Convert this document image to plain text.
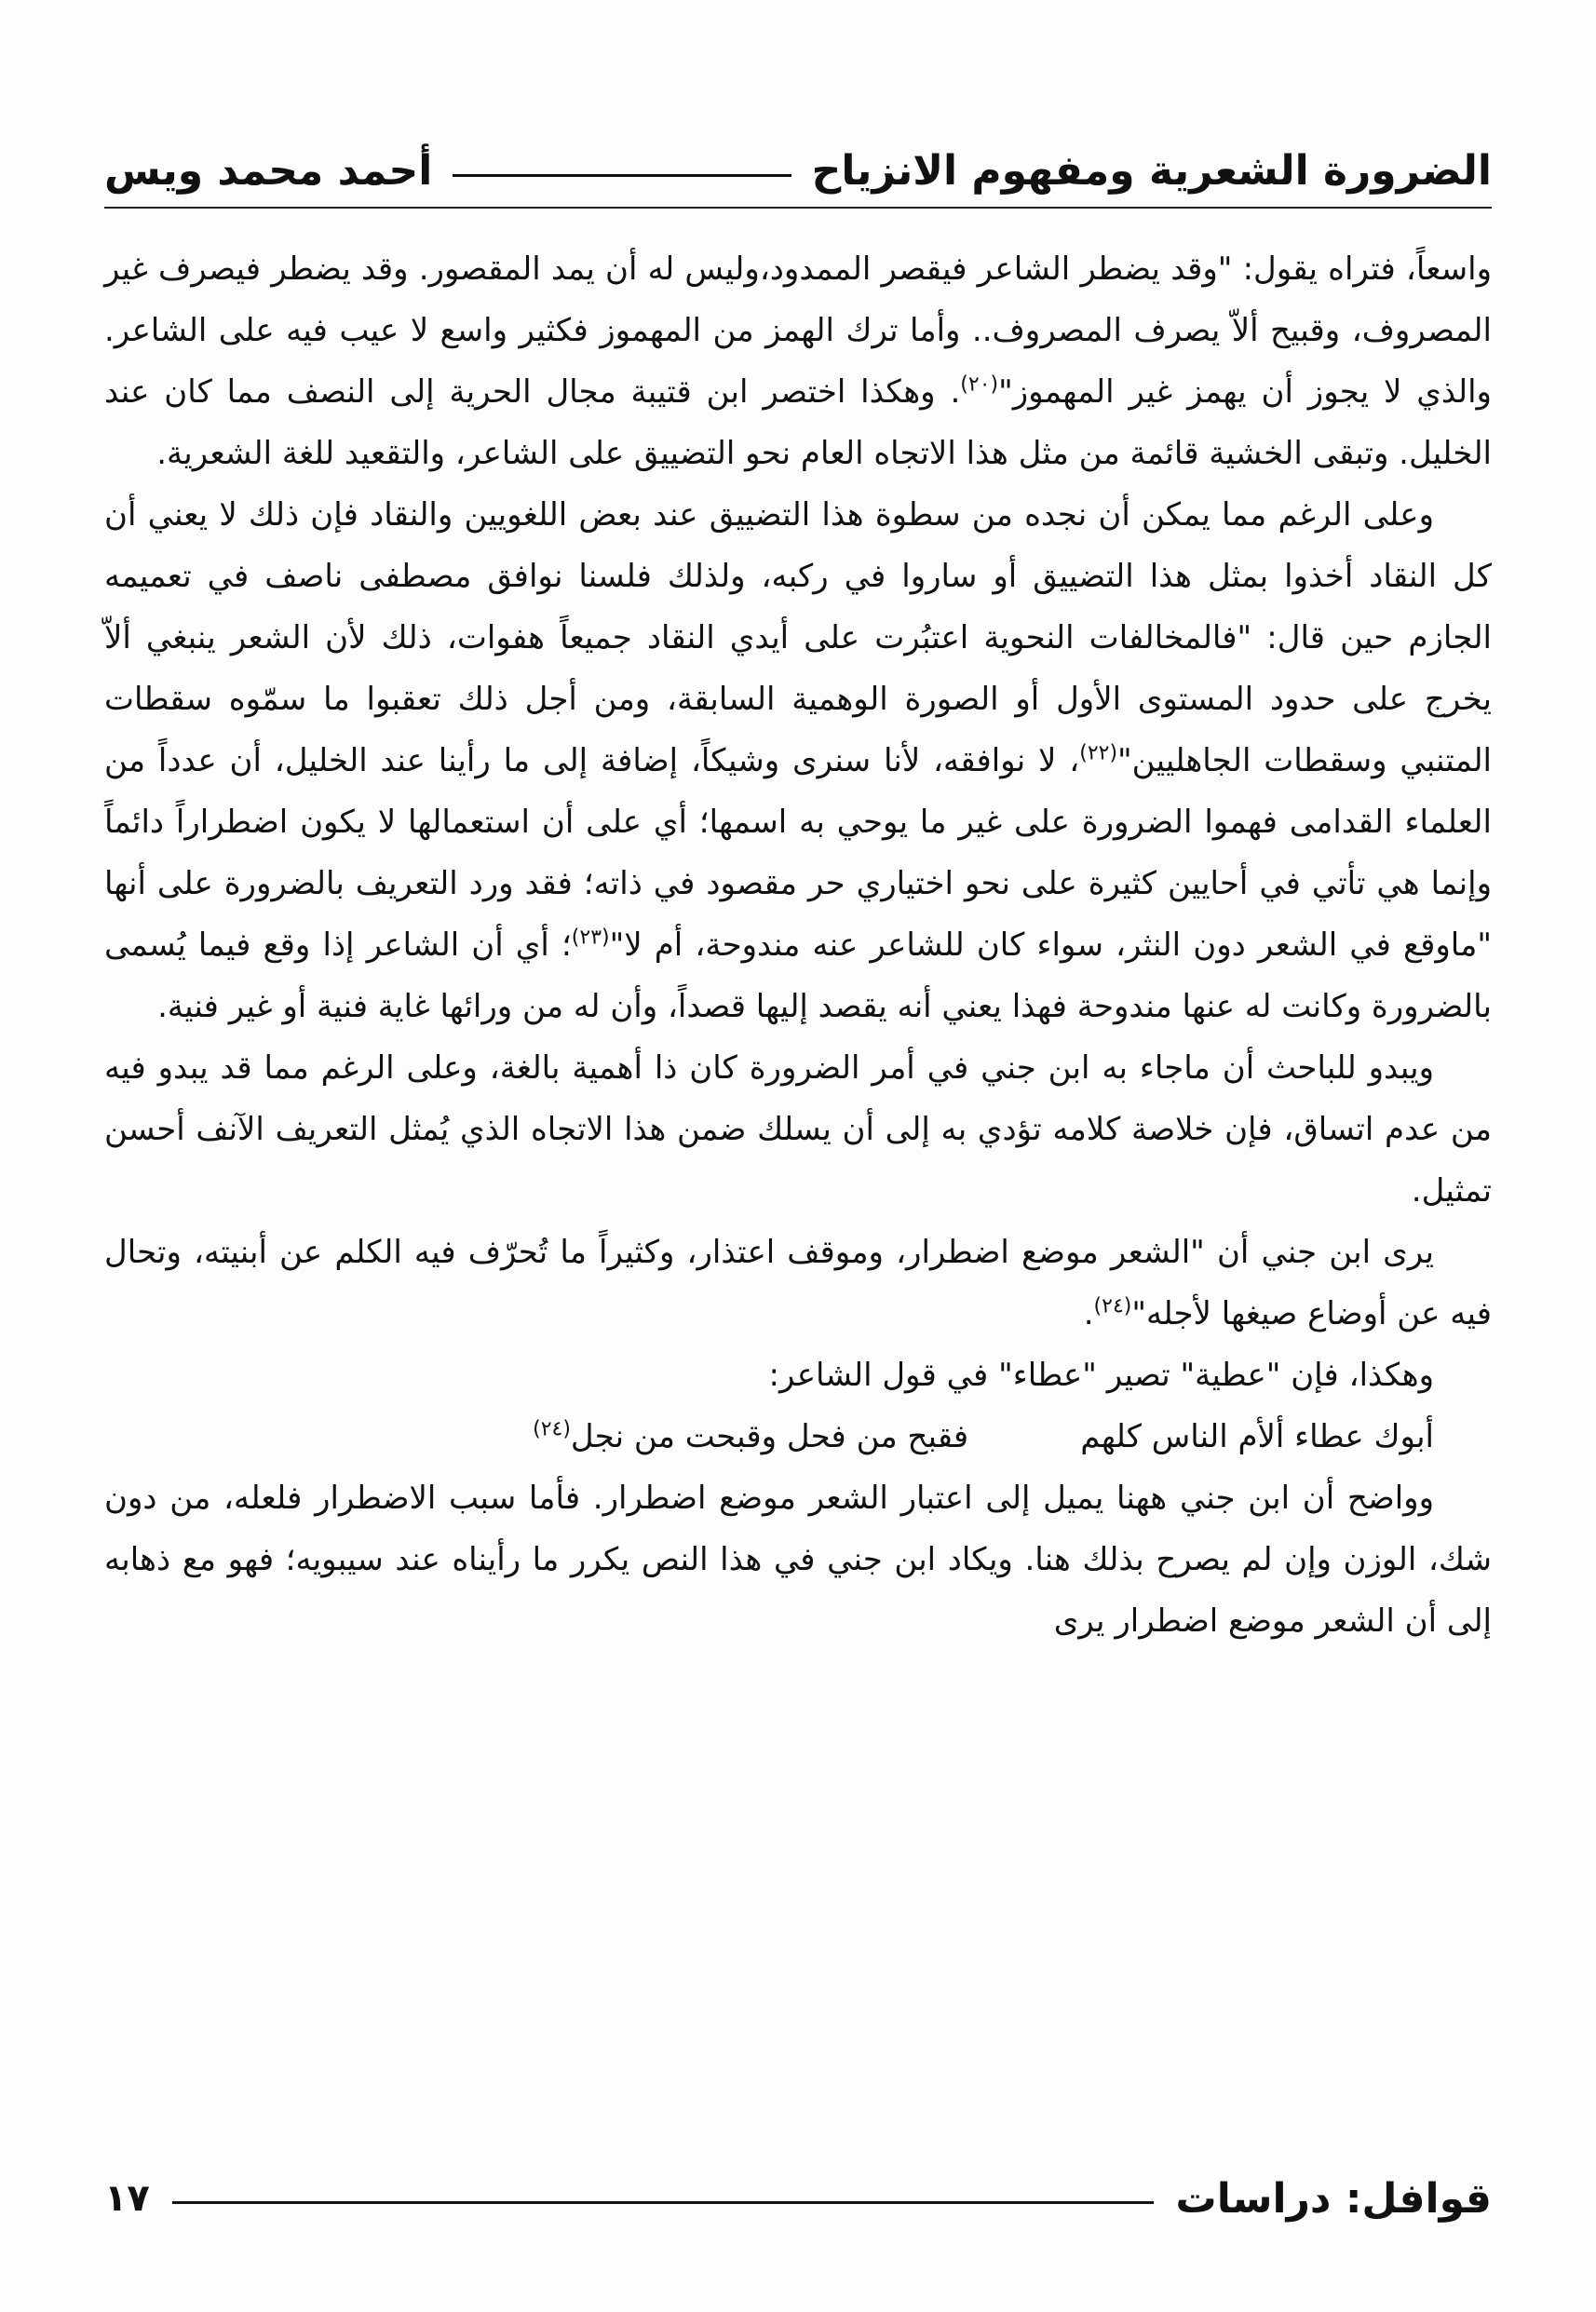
الضرورة الشعرية ومفهوم الانزياح
أحمد محمد ويس

واسعاً، فتراه يقول: "وقد يضطر الشاعر فيقصر الممدود،وليس له أن يمد المقصور. وقد يضطر فيصرف غير المصروف، وقبيح ألاّ يصرف المصروف.. وأما ترك الهمز من المهموز فكثير واسع لا عيب فيه على الشاعر. والذي لا يجوز أن يهمز غير المهموز"$^{(٢٠)}$. وهكذا اختصر ابن قتيبة مجال الحرية إلى النصف مما كان عند الخليل. وتبقى الخشية قائمة من مثل هذا الاتجاه العام نحو التضييق على الشاعر، والتقعيد للغة الشعرية.

وعلى الرغم مما يمكن أن نجده من سطوة هذا التضييق عند بعض اللغويين والنقاد فإن ذلك لا يعني أن كل النقاد أخذوا بمثل هذا التضييق أو ساروا في ركبه، ولذلك فلسنا نوافق مصطفى ناصف في تعميمه الجازم حين قال: "فالمخالفات النحوية اعتبُرت على أيدي النقاد جميعاً هفوات، ذلك لأن الشعر ينبغي ألاّ يخرج على حدود المستوى الأول أو الصورة الوهمية السابقة، ومن أجل ذلك تعقبوا ما سمّوه سقطات المتنبي وسقطات الجاهليين"$^{(٢٢)}$، لا نوافقه، لأنا سنرى وشيكاً، إضافة إلى ما رأينا عند الخليل، أن عدداً من العلماء القدامى فهموا الضرورة على غير ما يوحي به اسمها؛ أي على أن استعمالها لا يكون اضطراراً دائماً وإنما هي تأتي في أحايين كثيرة على نحو اختياري حر مقصود في ذاته؛ فقد ورد التعريف بالضرورة على أنها "ماوقع في الشعر دون النثر، سواء كان للشاعر عنه مندوحة، أم لا"$^{(٢٣)}$؛ أي أن الشاعر إذا وقع فيما يُسمى بالضرورة وكانت له عنها مندوحة فهذا يعني أنه يقصد إليها قصداً، وأن له من ورائها غاية فنية أو غير فنية.

ويبدو للباحث أن ماجاء به ابن جني في أمر الضرورة كان ذا أهمية بالغة، وعلى الرغم مما قد يبدو فيه من عدم اتساق، فإن خلاصة كلامه تؤدي به إلى أن يسلك ضمن هذا الاتجاه الذي يُمثل التعريف الآنف أحسن تمثيل.

يرى ابن جني أن "الشعر موضع اضطرار، وموقف اعتذار، وكثيراً ما تُحرّف فيه الكلم عن أبنيته، وتحال فيه عن أوضاع صيغها لأجله"$^{(٢٤)}$.

وهكذا، فإن "عطية" تصير "عطاء" في قول الشاعر:

أبوك عطاء ألأم الناس كلهم
فقبح من فحل وقبحت من نجل$^{(٢٤)}$

وواضح أن ابن جني ههنا يميل إلى اعتبار الشعر موضع اضطرار. فأما سبب الاضطرار فلعله، من دون شك، الوزن وإن لم يصرح بذلك هنا. ويكاد ابن جني في هذا النص يكرر ما رأيناه عند سيبويه؛ فهو مع ذهابه إلى أن الشعر موضع اضطرار يرى

قوافل: دراسات
١٧
